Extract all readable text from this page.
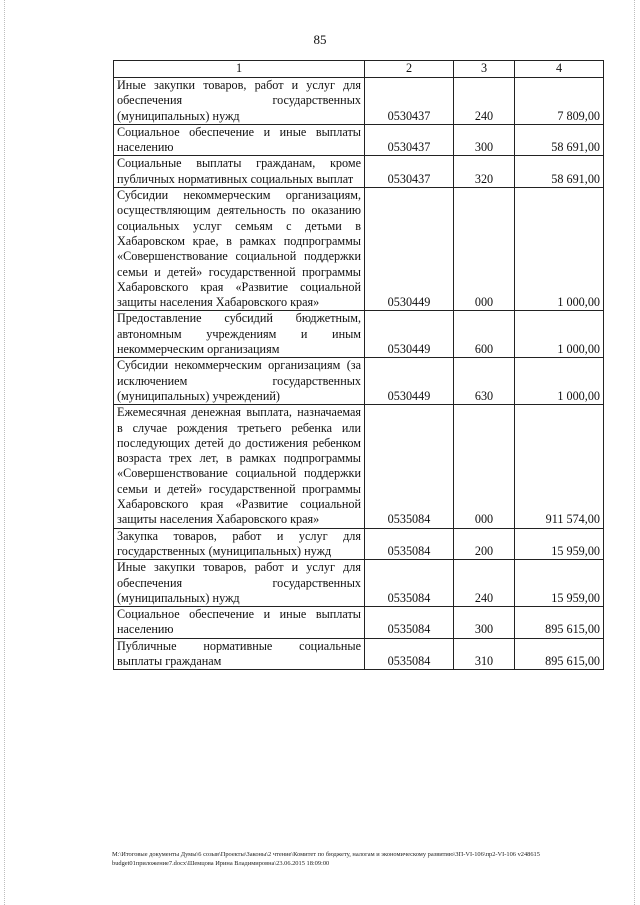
85
1	2	3	4
Иные закупки товаров, работ и услуг для обеспечения государственных (муниципальных) нужд	0530437	240	7 809,00
Социальное обеспечение и иные выплаты населению	0530437	300	58 691,00
Социальные выплаты гражданам, кроме публичных нормативных социальных выплат	0530437	320	58 691,00
Субсидии некоммерческим организациям, осуществляющим деятельность по оказанию социальных услуг семьям с детьми в Хабаровском крае, в рамках подпрограммы «Совершенствование социальной поддержки семьи и детей» государственной программы Хабаровского края «Развитие социальной защиты населения Хабаровского края»	0530449	000	1 000,00
Предоставление субсидий бюджетным, автономным учреждениям и иным некоммерческим организациям	0530449	600	1 000,00
Субсидии некоммерческим организациям (за исключением государственных (муниципальных) учреждений)	0530449	630	1 000,00
Ежемесячная денежная выплата, назначаемая в случае рождения третьего ребенка или последующих детей до достижения ребенком возраста трех лет, в рамках подпрограммы «Совершенствование социальной поддержки семьи и детей» государственной программы Хабаровского края «Развитие социальной защиты населения Хабаровского края»	0535084	000	911 574,00
Закупка товаров, работ и услуг для государственных (муниципальных) нужд	0535084	200	15 959,00
Иные закупки товаров, работ и услуг для обеспечения государственных (муниципальных) нужд	0535084	240	15 959,00
Социальное обеспечение и иные выплаты населению	0535084	300	895 615,00
Публичные нормативные социальные выплаты гражданам	0535084	310	895 615,00
M:\Итоговые документы Думы\6 созыв\Проекты\Законы\2 чтение\Комитет по бюджету, налогам и экономическому развитию\ЗП-VI-106\пр2-VI-106 v248615 budget01приложение7.docx\Шемцова Ирина Владимировна\23.06.2015 18:09:00
